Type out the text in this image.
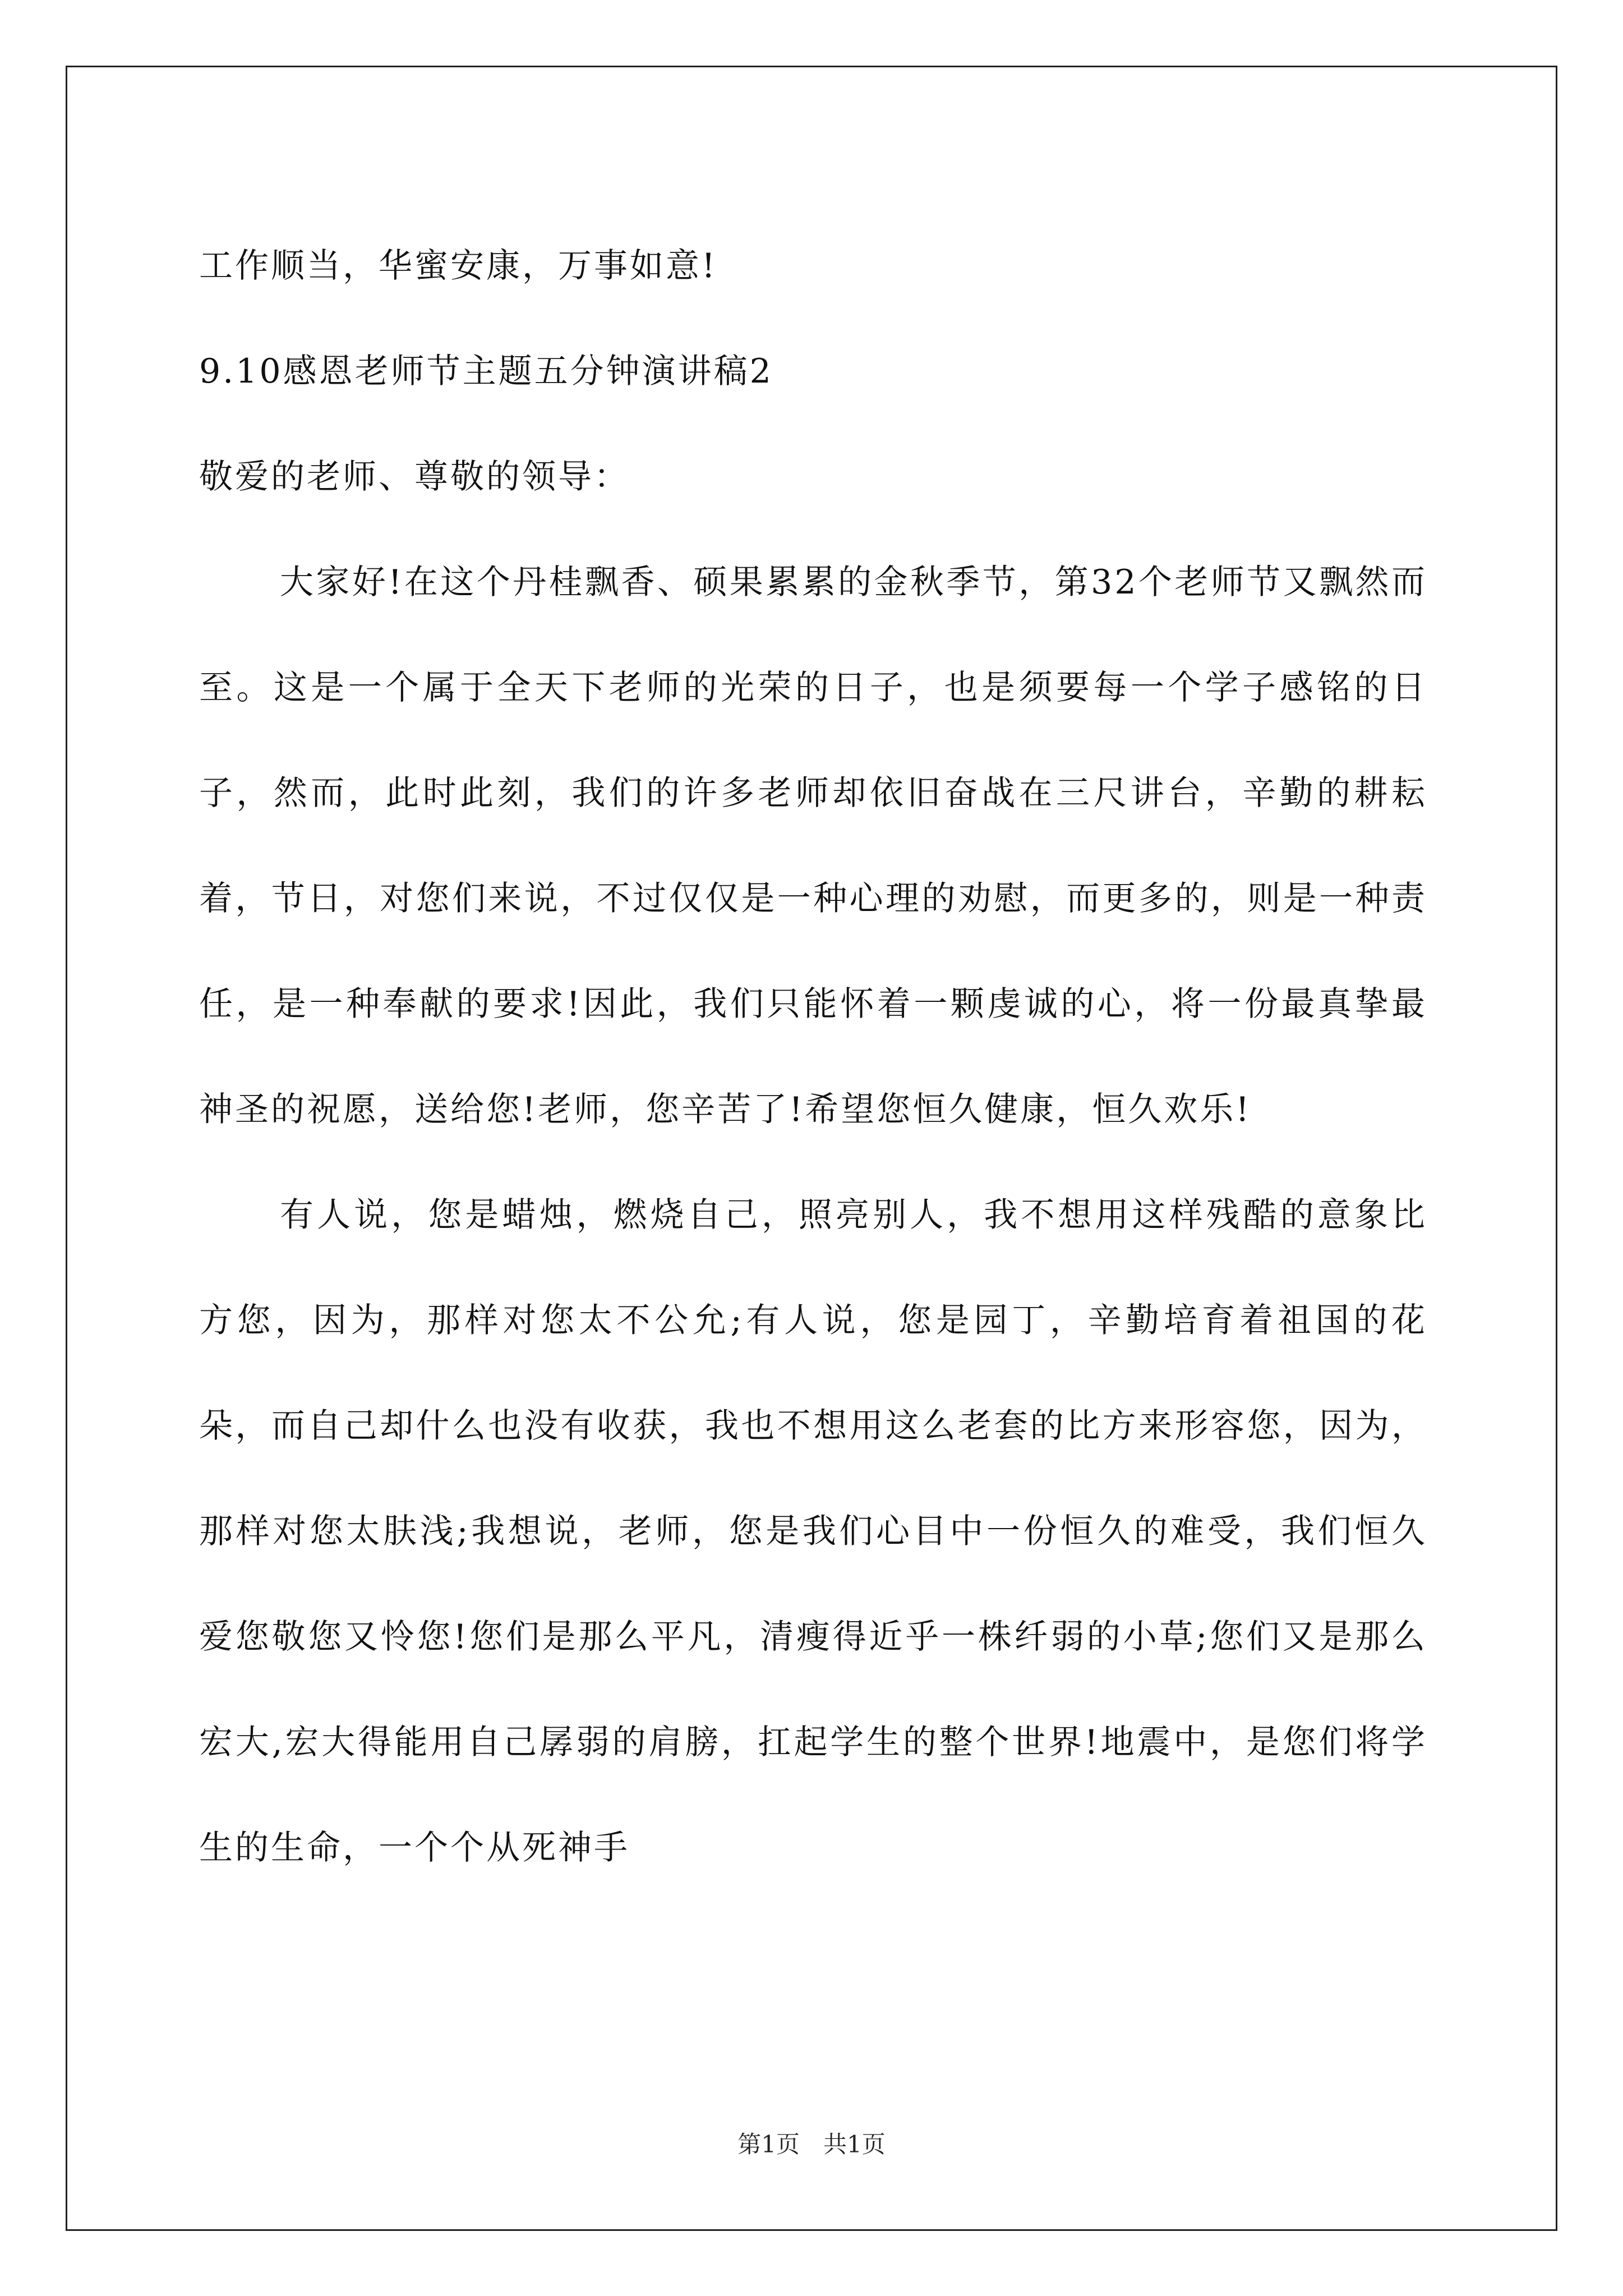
工作顺当，华蜜安康，万事如意!
9.10感恩老师节主题五分钟演讲稿2
敬爱的老师、尊敬的领导：

大家好!在这个丹桂飘香、硕果累累的金秋季节，第32个老师节又飘然而至。这是一个属于全天下老师的光荣的日子，也是须要每一个学子感铭的日子，然而，此时此刻，我们的许多老师却依旧奋战在三尺讲台，辛勤的耕耘着，节日，对您们来说，不过仅仅是一种心理的劝慰，而更多的，则是一种责任，是一种奉献的要求!因此，我们只能怀着一颗虔诚的心，将一份最真挚最神圣的祝愿，送给您!老师，您辛苦了!希望您恒久健康，恒久欢乐!

有人说，您是蜡烛，燃烧自己，照亮别人，我不想用这样残酷的意象比方您，因为，那样对您太不公允;有人说，您是园丁，辛勤培育着祖国的花朵，而自己却什么也没有收获，我也不想用这么老套的比方来形容您，因为，那样对您太肤浅;我想说，老师，您是我们心目中一份恒久的难受，我们恒久爱您敬您又怜您!您们是那么平凡，清瘦得近乎一株纤弱的小草;您们又是那么宏大,宏大得能用自己孱弱的肩膀，扛起学生的整个世界!地震中，是您们将学生的生命，一个个从死神手

第1页　共1页
